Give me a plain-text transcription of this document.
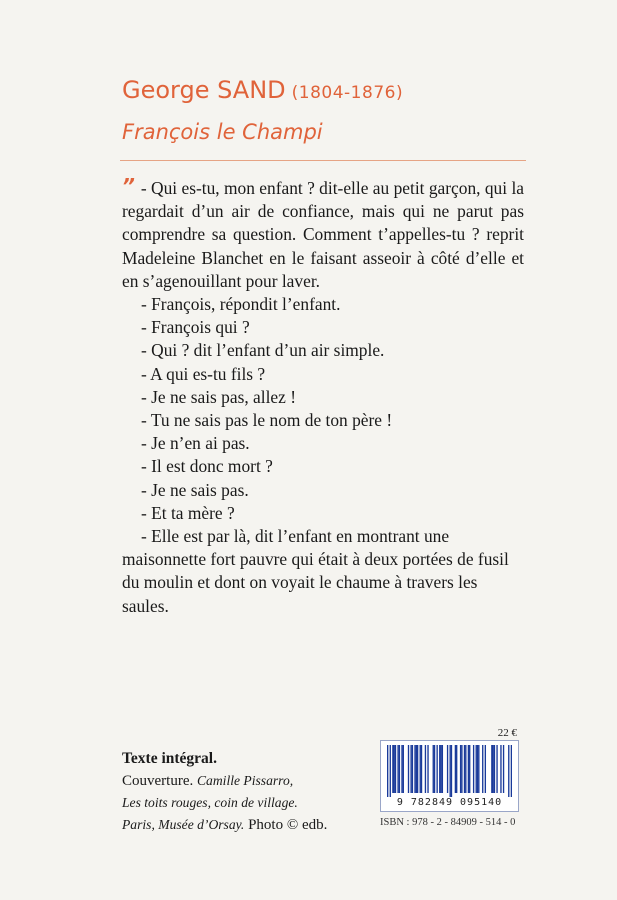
George SAND (1804-1876)
François le Champi

” - Qui es-tu, mon enfant ? dit-elle au petit garçon, qui la regardait d’un air de confiance, mais qui ne parut pas comprendre sa question. Comment t’appelles-tu ? reprit Madeleine Blanchet en le faisant asseoir à côté d’elle et en s’agenouillant pour laver.

- François, répondit l’enfant.

- François qui ?

- Qui ? dit l’enfant d’un air simple.

- A qui es-tu fils ?

- Je ne sais pas, allez !

- Tu ne sais pas le nom de ton père !

- Je n’en ai pas.

- Il est donc mort ?

- Je ne sais pas.

- Et ta mère ?

- Elle est par là, dit l’enfant en montrant une maisonnette fort pauvre qui était à deux portées de fusil du moulin et dont on voyait le chaume à travers les saules.

Texte intégral.
Couverture. Camille Pissarro,
Les toits rouges, coin de village.
Paris, Musée d’Orsay. Photo © edb.
22 €
9 782849 095140
ISBN : 978 - 2 - 84909 - 514 - 0
